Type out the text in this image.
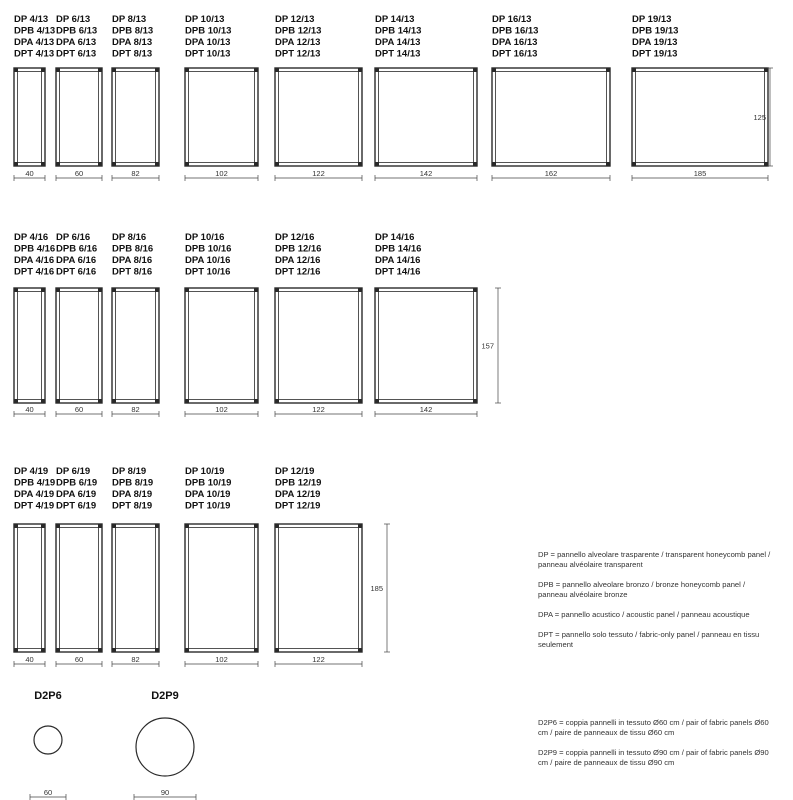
DP 4/13
DPB 4/13
DPA 4/13
DPT 4/13
40
DP 6/13
DPB 6/13
DPA 6/13
DPT 6/13
60
DP 8/13
DPB 8/13
DPA 8/13
DPT 8/13
82
DP 10/13
DPB 10/13
DPA 10/13
DPT 10/13
102
DP 12/13
DPB 12/13
DPA 12/13
DPT 12/13
122
DP 14/13
DPB 14/13
DPA 14/13
DPT 14/13
142
DP 16/13
DPB 16/13
DPA 16/13
DPT 16/13
162
DP 19/13
DPB 19/13
DPA 19/13
DPT 19/13
185
125
DP 4/16
DPB 4/16
DPA 4/16
DPT 4/16
40
DP 6/16
DPB 6/16
DPA 6/16
DPT 6/16
60
DP 8/16
DPB 8/16
DPA 8/16
DPT 8/16
82
DP 10/16
DPB 10/16
DPA 10/16
DPT 10/16
102
DP 12/16
DPB 12/16
DPA 12/16
DPT 12/16
122
DP 14/16
DPB 14/16
DPA 14/16
DPT 14/16
142
157
DP 4/19
DPB 4/19
DPA 4/19
DPT 4/19
40
DP 6/19
DPB 6/19
DPA 6/19
DPT 6/19
60
DP 8/19
DPB 8/19
DPA 8/19
DPT 8/19
82
DP 10/19
DPB 10/19
DPA 10/19
DPT 10/19
102
DP 12/19
DPB 12/19
DPA 12/19
DPT 12/19
122
185
D2P6
60
D2P9
90

DP = pannello alveolare trasparente / transparent honeycomb panel / panneau alvéolaire transparent

DPB = pannello alveolare bronzo / bronze honeycomb panel / panneau alvéolaire bronze

DPA = pannello acustico / acoustic panel / panneau acoustique

DPT = pannello solo tessuto / fabric-only panel / panneau en tissu seulement

D2P6 = coppia pannelli in tessuto Ø60 cm / pair of fabric panels Ø60 cm / paire de panneaux de tissu Ø60 cm

D2P9 = coppia pannelli in tessuto Ø90 cm / pair of fabric panels Ø90 cm / paire de panneaux de tissu Ø90 cm
